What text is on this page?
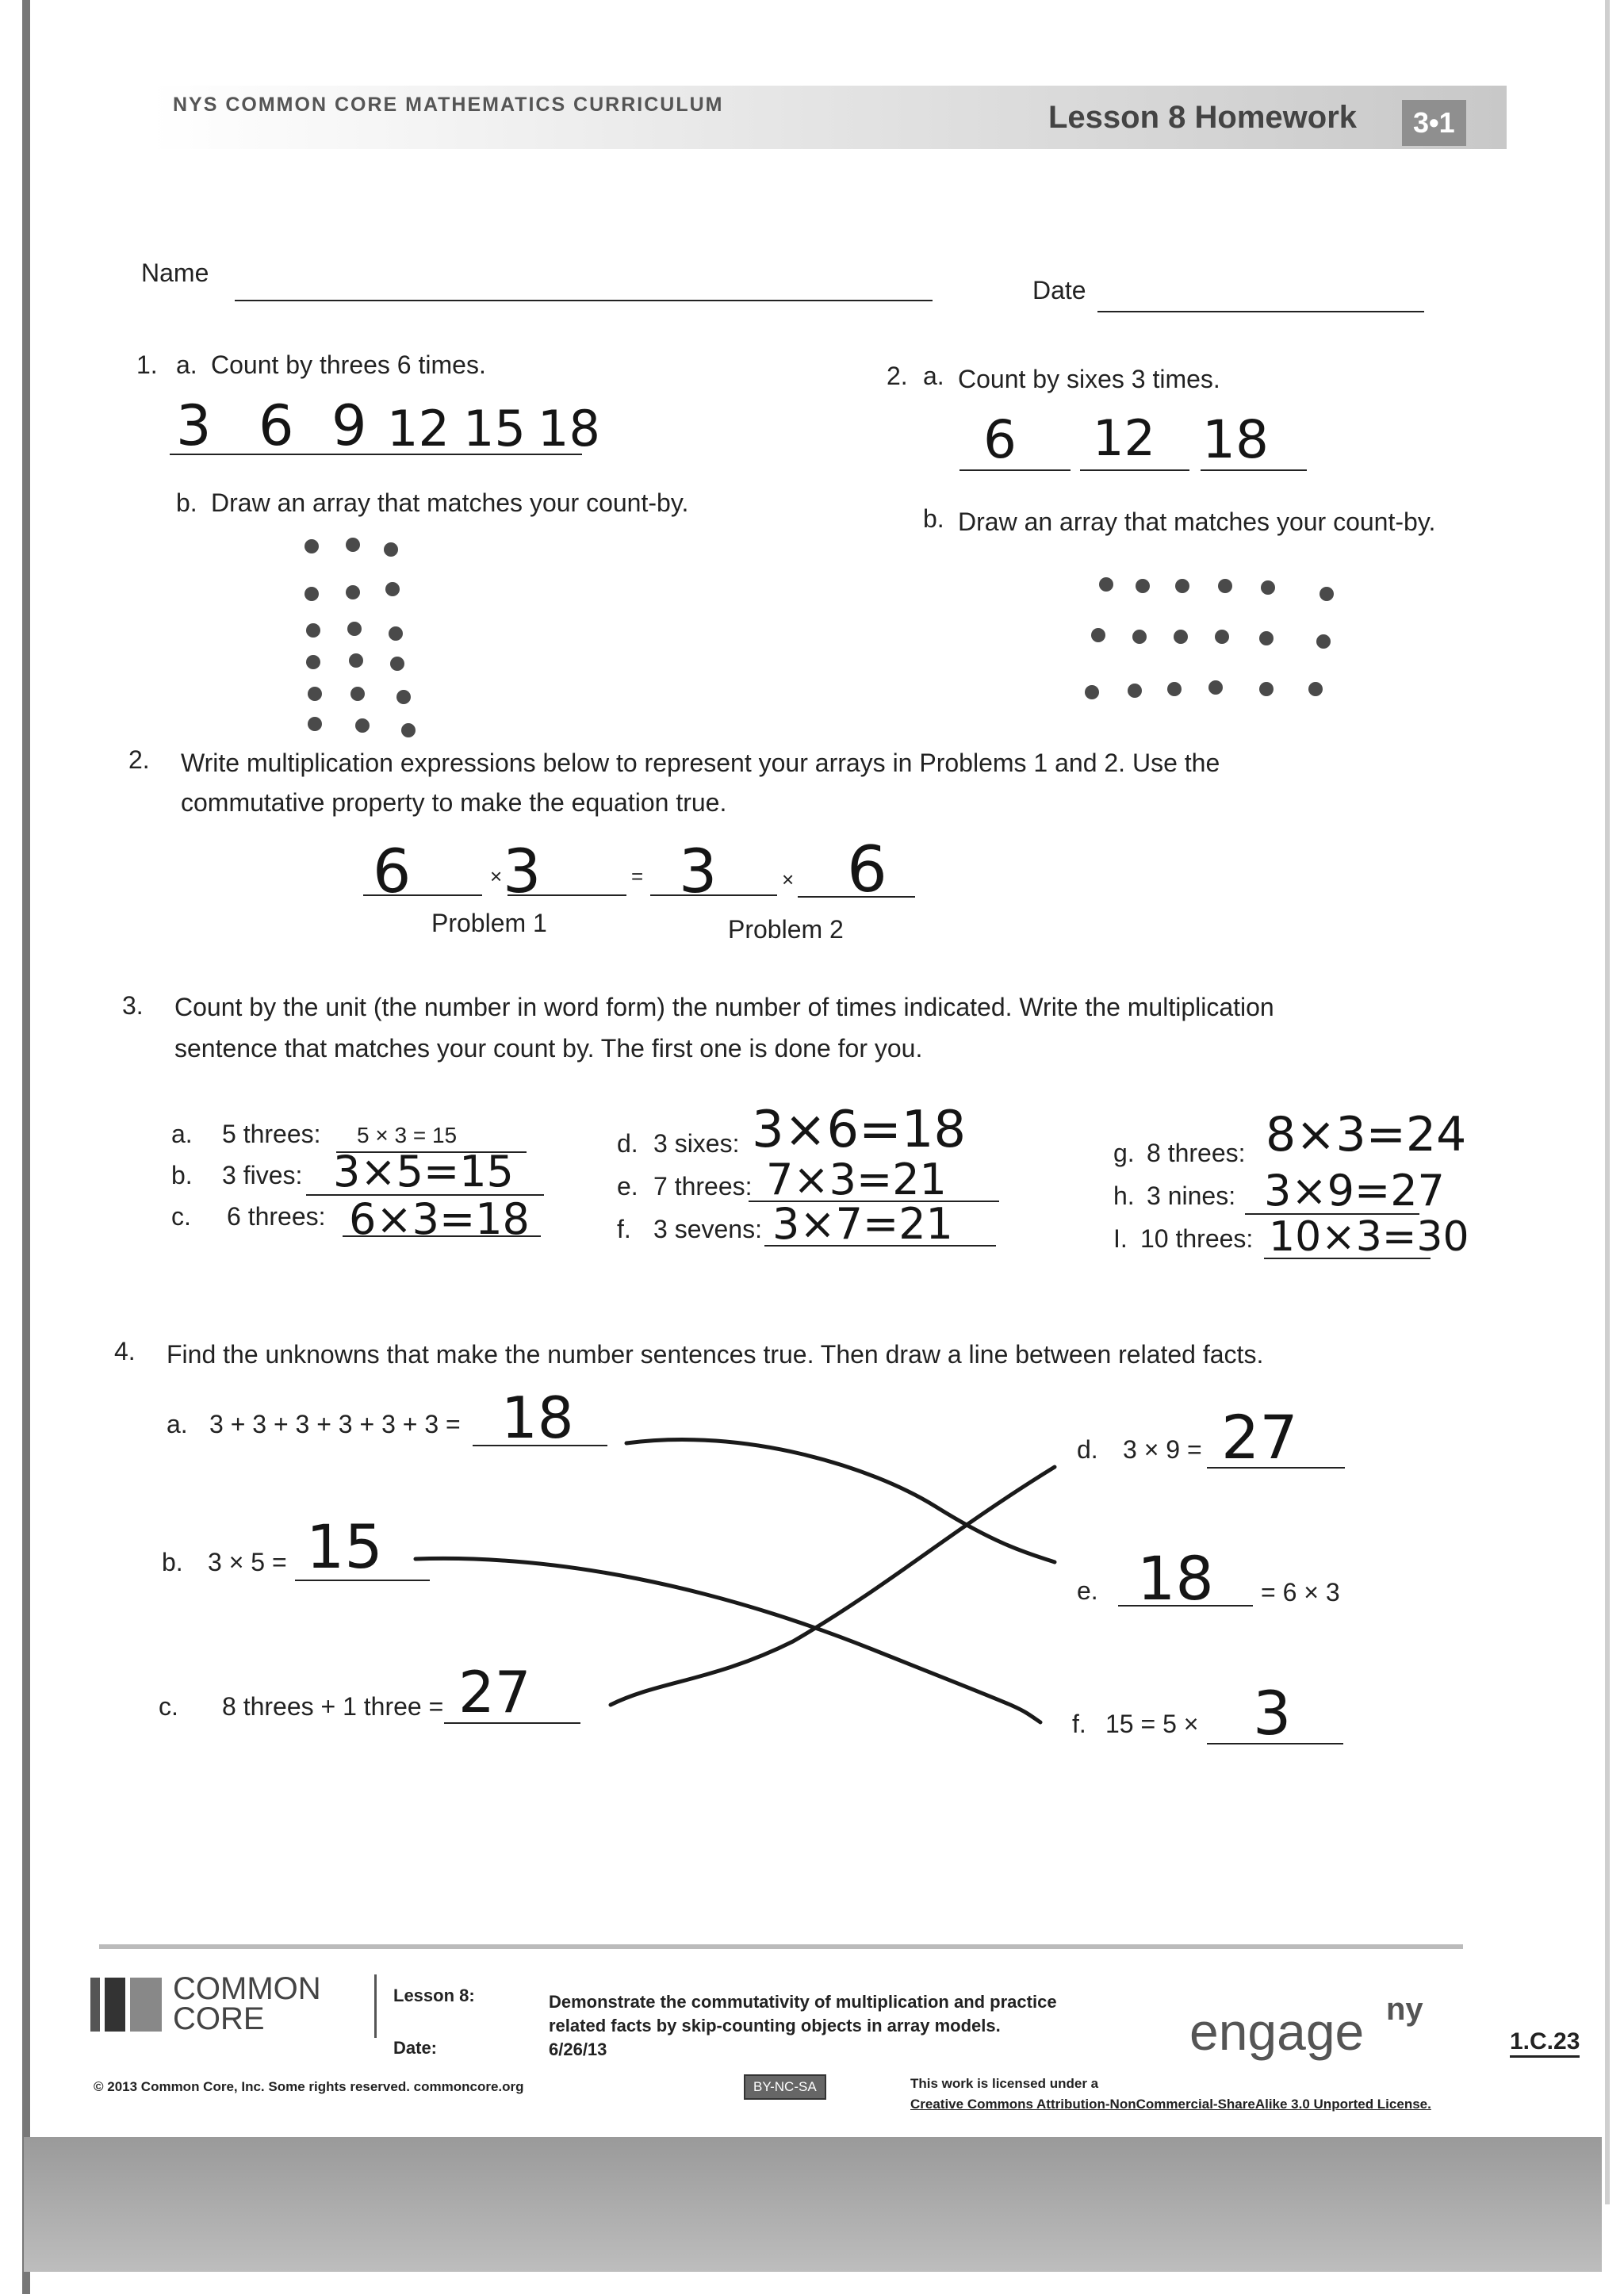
NYS COMMON CORE MATHEMATICS CURRICULUM	Lesson 8 Homework	3•1
Name
Date
1. a. Count by threes 6 times.
3 6 9 12 15 18
b. Draw an array that matches your count-by.
2. a. Count by sixes 3 times.
6 12 18
b. Draw an array that matches your count-by.
2. Write multiplication expressions below to represent your arrays in Problems 1 and 2. Use the
commutative property to make the equation true.
6	× 3	= 3	× 6
Problem 1	Problem 2
3. Count by the unit (the number in word form) the number of times indicated. Write the multiplication
sentence that matches your count by. The first one is done for you.
a. 5 threes: 5 × 3 = 15
b. 3 fives: 3×5=15
c. 6 threes: 6×3=18
d. 3 sixes: 3×6=18
e. 7 threes: 7×3=21
f. 3 sevens: 3×7=21
g. 8 threes: 8×3=24
h. 3 nines: 3×9=27
I. 10 threes: 10×3=30
4. Find the unknowns that make the number sentences true. Then draw a line between related facts.
a. 3 + 3 + 3 + 3 + 3 + 3 = 18
b. 3 × 5 = 15
c. 8 threes + 1 three = 27
d. 3 × 9 = 27
e. 18 = 6 × 3
f. 15 = 5 × 3
COMMON
CORE
Lesson 8:
Date:
Demonstrate the commutativity of multiplication and practice
related facts by skip-counting objects in array models.
6/26/13
© 2013 Common Core, Inc. Some rights reserved. commoncore.org	BY-NC-SA	This work is licensed under a
Creative Commons Attribution-NonCommercial-ShareAlike 3.0 Unported License.
engage ny
1.C.23
